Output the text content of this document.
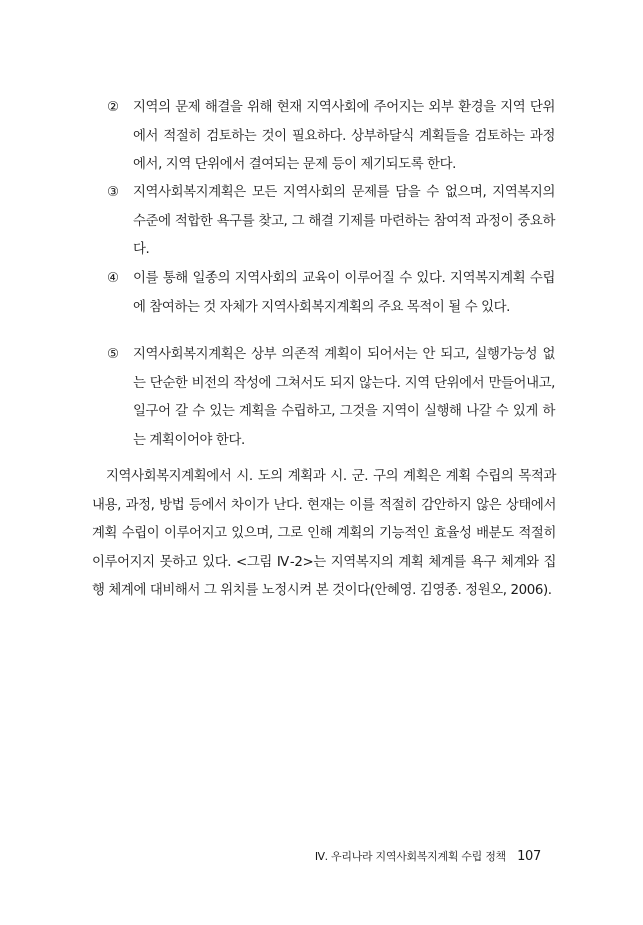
②	지역의 문제 해결을 위해 현재 지역사회에 주어지는 외부 환경을 지역 단위에서 적절히 검토하는 것이 필요하다. 상부하달식 계획들을 검토하는 과정에서, 지역 단위에서 결여되는 문제 등이 제기되도록 한다.
③	지역사회복지계획은 모든 지역사회의 문제를 담을 수 없으며, 지역복지의 수준에 적합한 욕구를 찾고, 그 해결 기제를 마련하는 참여적 과정이 중요하다.
④	이를 통해 일종의 지역사회의 교육이 이루어질 수 있다. 지역복지계획 수립에 참여하는 것 자체가 지역사회복지계획의 주요 목적이 될 수 있다.
⑤	지역사회복지계획은 상부 의존적 계획이 되어서는 안 되고, 실행가능성 없는 단순한 비전의 작성에 그쳐서도 되지 않는다. 지역 단위에서 만들어내고, 일구어 갈 수 있는 계획을 수립하고, 그것을 지역이 실행해 나갈 수 있게 하는 계획이어야 한다.
지역사회복지계획에서 시. 도의 계획과 시. 군. 구의 계획은 계획 수립의 목적과 내용, 과정, 방법 등에서 차이가 난다. 현재는 이를 적절히 감안하지 않은 상태에서 계획 수립이 이루어지고 있으며, 그로 인해 계획의 기능적인 효율성 배분도 적절히 이루어지지 못하고 있다. <그림 Ⅳ-2>는 지역복지의 계획 체계를 욕구 체계와 집행 체계에 대비해서 그 위치를 노정시켜 본 것이다(안혜영. 김영종. 정원오, 2006).
Ⅳ. 우리나라 지역사회복지계획 수립 정책 107
